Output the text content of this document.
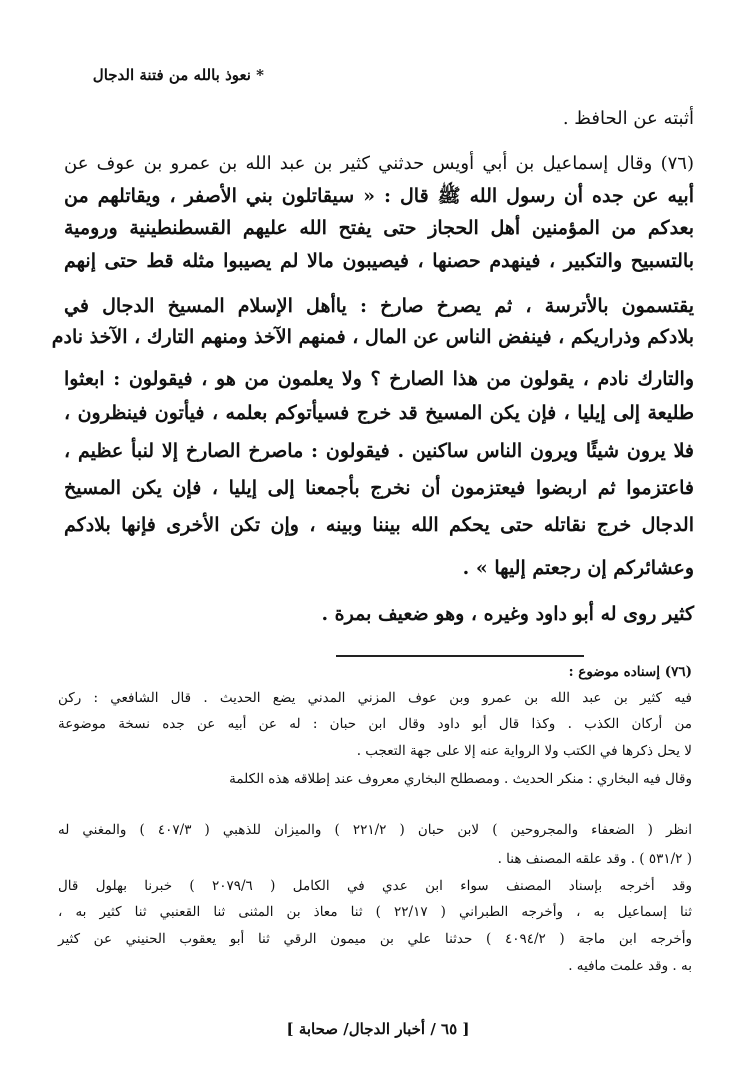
* نعوذ بالله من فتنة الدجال
أثبته عن الحافظ .
(٧٦) وقال إسماعيل بن أبي أويس حدثني كثير بن عبد الله بن عمرو بن عوف عن
أبيه عن جده أن رسول الله ﷺ قال : « سيقاتلون بني الأصفر ، ويقاتلهم من
بعدكم من المؤمنين أهل الحجاز حتى يفتح الله عليهم القسطنطينية ورومية
بالتسبيح والتكبير ، فينهدم حصنها ، فيصيبون مالا لم يصيبوا مثله قط حتى إنهم
يقتسمون بالأترسة ، ثم يصرخ صارخ : ياأهل الإسلام المسيخ الدجال في
بلادكم وذراريكم ، فينفض الناس عن المال ، فمنهم الآخذ ومنهم التارك ، الآخذ نادم
والتارك نادم ، يقولون من هذا الصارخ ؟ ولا يعلمون من هو ، فيقولون : ابعثوا
طليعة إلى إيليا ، فإن يكن المسيخ قد خرج فسيأتوكم بعلمه ، فيأتون فينظرون ،
فلا يرون شيئًا ويرون الناس ساكنين . فيقولون : ماصرخ الصارخ إلا لنبأ عظيم ،
فاعتزموا ثم اربضوا فيعتزمون أن نخرج بأجمعنا إلى إيليا ، فإن يكن المسيخ
الدجال خرج نقاتله حتى يحكم الله بيننا وبينه ، وإن تكن الأخرى فإنها بلادكم
وعشائركم إن رجعتم إليها » .
كثير روى له أبو داود وغيره ، وهو ضعيف بمرة .
(٧٦) إسناده موضوع :
فيه كثير بن عبد الله بن عمرو وبن عوف المزني المدني يضع الحديث . قال الشافعي : ركن
من أركان الكذب . وكذا قال أبو داود وقال ابن حبان : له عن أبيه عن جده نسخة موضوعة
لا يحل ذكرها في الكتب ولا الرواية عنه إلا على جهة التعجب .
وقال فيه البخاري : منكر الحديث . ومصطلح البخاري معروف عند إطلاقه هذه الكلمة
انظر ( الضعفاء والمجروحين ) لابن حبان ( ٢٢١/٢ ) والميزان للذهبي ( ٤٠٧/٣ ) والمغني له
( ٥٣١/٢ ) . وقد علقه المصنف هنا .
وقد أخرجه بإسناد المصنف سواء ابن عدي في الكامل ( ٢٠٧٩/٦ ) خبرنا بهلول قال
ثنا إسماعيل به ، وأخرجه الطبراني ( ٢٢/١٧ ) ثنا معاذ بن المثنى ثنا القعنبي ثنا كثير به ،
وأخرجه ابن ماجة ( ٤٠٩٤/٢ ) حدثنا علي بن ميمون الرقي ثنا أبو يعقوب الحنيني عن كثير
به . وقد علمت مافيه .
[ ٦٥ / أخبار الدجال/ صحابة ]
